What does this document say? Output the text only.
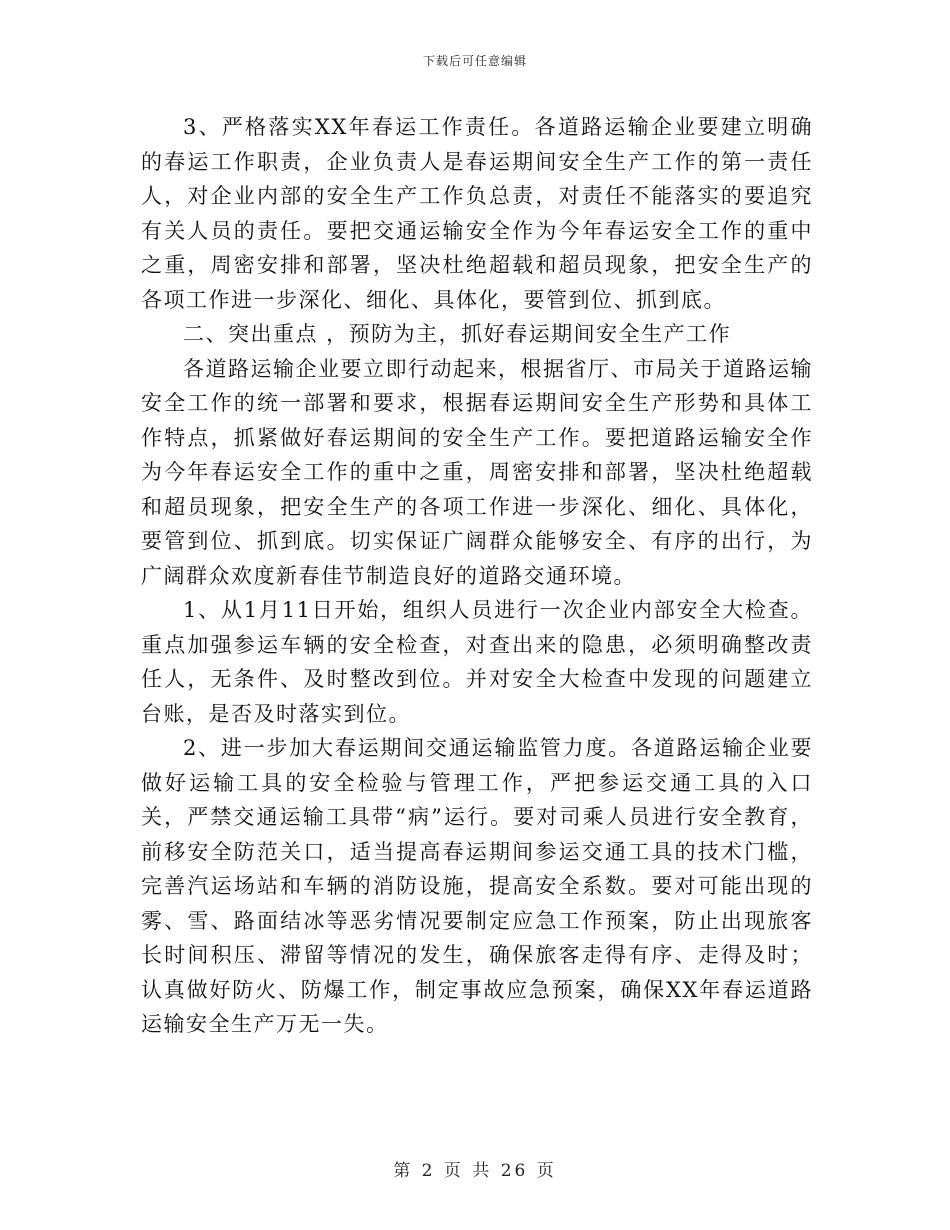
下载后可任意编辑

3、严格落实XX年春运工作责任。各道路运输企业要建立明确的春运工作职责，企业负责人是春运期间安全生产工作的第一责任人，对企业内部的安全生产工作负总责，对责任不能落实的要追究有关人员的责任。要把交通运输安全作为今年春运安全工作的重中之重，周密安排和部署，坚决杜绝超载和超员现象，把安全生产的各项工作进一步深化、细化、具体化，要管到位、抓到底。

二、突出重点 ，预防为主，抓好春运期间安全生产工作

各道路运输企业要立即行动起来，根据省厅、市局关于道路运输安全工作的统一部署和要求，根据春运期间安全生产形势和具体工作特点，抓紧做好春运期间的安全生产工作。要把道路运输安全作为今年春运安全工作的重中之重，周密安排和部署，坚决杜绝超载和超员现象，把安全生产的各项工作进一步深化、细化、具体化，要管到位、抓到底。切实保证广阔群众能够安全、有序的出行，为广阔群众欢度新春佳节制造良好的道路交通环境。

1、从1月11日开始，组织人员进行一次企业内部安全大检查。重点加强参运车辆的安全检查，对查出来的隐患，必须明确整改责任人，无条件、及时整改到位。并对安全大检查中发现的问题建立台账，是否及时落实到位。

2、进一步加大春运期间交通运输监管力度。各道路运输企业要做好运输工具的安全检验与管理工作，严把参运交通工具的入口关，严禁交通运输工具带“病”运行。要对司乘人员进行安全教育，前移安全防范关口，适当提高春运期间参运交通工具的技术门槛，完善汽运场站和车辆的消防设施，提高安全系数。要对可能出现的雾、雪、路面结冰等恶劣情况要制定应急工作预案，防止出现旅客长时间积压、滞留等情况的发生，确保旅客走得有序、走得及时；认真做好防火、防爆工作，制定事故应急预案，确保XX年春运道路运输安全生产万无一失。

第 2 页 共 26 页
